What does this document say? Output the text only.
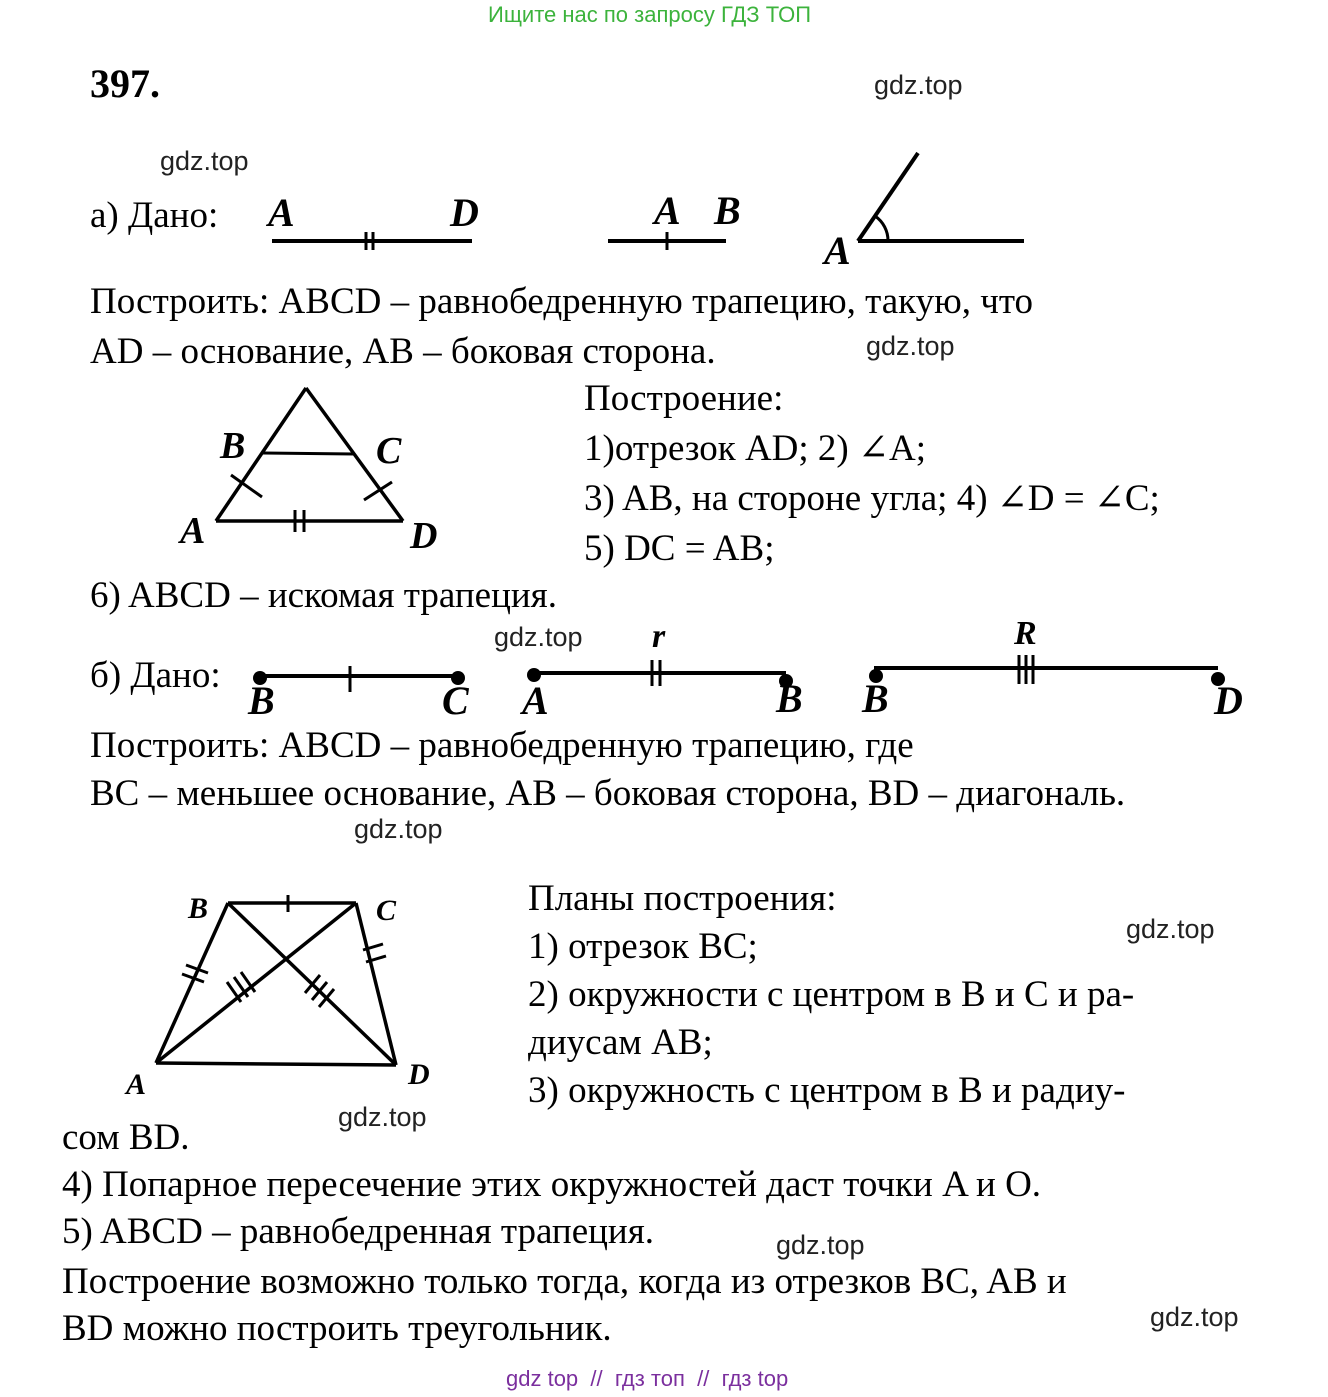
Ищите нас по запросу ГДЗ ТОП
397.	gdz.top
gdz.top
gdz.top
gdz.top
gdz.top
gdz.top
gdz.top
gdz.top
gdz.top
а) Дано: A	D	A B
A
B	C
A	D
B	C
r
A	B
R
B	D
B	C
A	D
Построить: ABCD – равнобедренную трапецию, такую, что
AD – основание, AB – боковая сторона.
Построение:
1)отрезок AD; 2) ∠A;
3) AB, на стороне угла; 4) ∠D = ∠C;
5) DC = AB;
6) ABCD – искомая трапеция.
б) Дано:
Построить: ABCD – равнобедренную трапецию, где
BC – меньшее основание, AB – боковая сторона, BD – диагональ.
Планы построения:
1) отрезок BC;
2) окружности с центром в B и C и ра-
диусам AB;
3) окружность с центром в B и радиу-
сом BD.
4) Попарное пересечение этих окружностей даст точки A и O.
5) ABCD – равнобедренная трапеция.
Построение возможно только тогда, когда из отрезков BC, AB и
BD можно построить треугольник.
gdz top  //  гдз топ  //  гдз top
